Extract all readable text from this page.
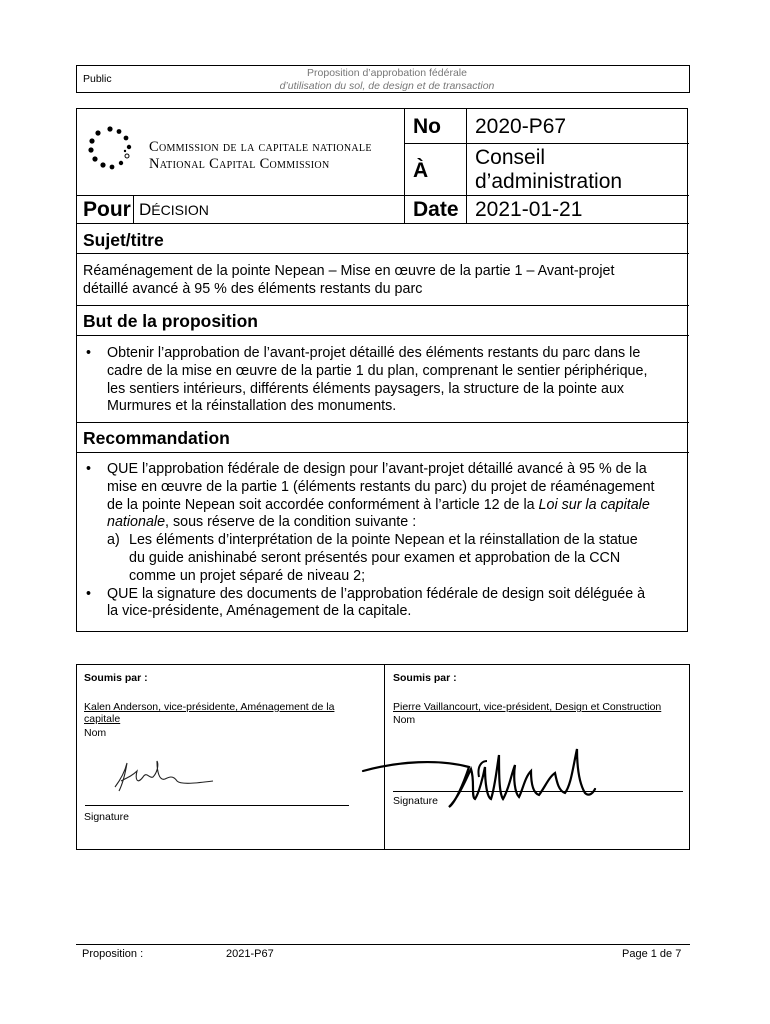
Public	Proposition d’approbation fédérale
d’utilisation du sol, de design et de transaction
Commission de la capitale nationale
National Capital Commission
No 2020-P67
À
Conseil
d’administration
Pour DÉCISION	Date 2021-01-21
Sujet/titre
Réaménagement de la pointe Nepean – Mise en œuvre de la partie 1 – Avant-projet
détaillé avancé à 95 % des éléments restants du parc
But de la proposition
• Obtenir l’approbation de l’avant-projet détaillé des éléments restants du parc dans le
cadre de la mise en œuvre de la partie 1 du plan, comprenant le sentier périphérique,
les sentiers intérieurs, différents éléments paysagers, la structure de la pointe aux
Murmures et la réinstallation des monuments.
Recommandation
• QUE l’approbation fédérale de design pour l’avant-projet détaillé avancé à 95 % de la
mise en œuvre de la partie 1 (éléments restants du parc) du projet de réaménagement
de la pointe Nepean soit accordée conformément à l’article 12 de la Loi sur la capitale
nationale, sous réserve de la condition suivante :
a) Les éléments d’interprétation de la pointe Nepean et la réinstallation de la statue
du guide anishinabé seront présentés pour examen et approbation de la CCN
comme un projet séparé de niveau 2;
• QUE la signature des documents de l’approbation fédérale de design soit déléguée à
la vice-présidente, Aménagement de la capitale.
Soumis par :
Kalen Anderson, vice-présidente, Aménagement de la
capitale
Nom
Signature
Soumis par :
Pierre Vaillancourt, vice-président, Design et Construction
Nom
Signature
Proposition :	2021-P67	Page 1 de 7
